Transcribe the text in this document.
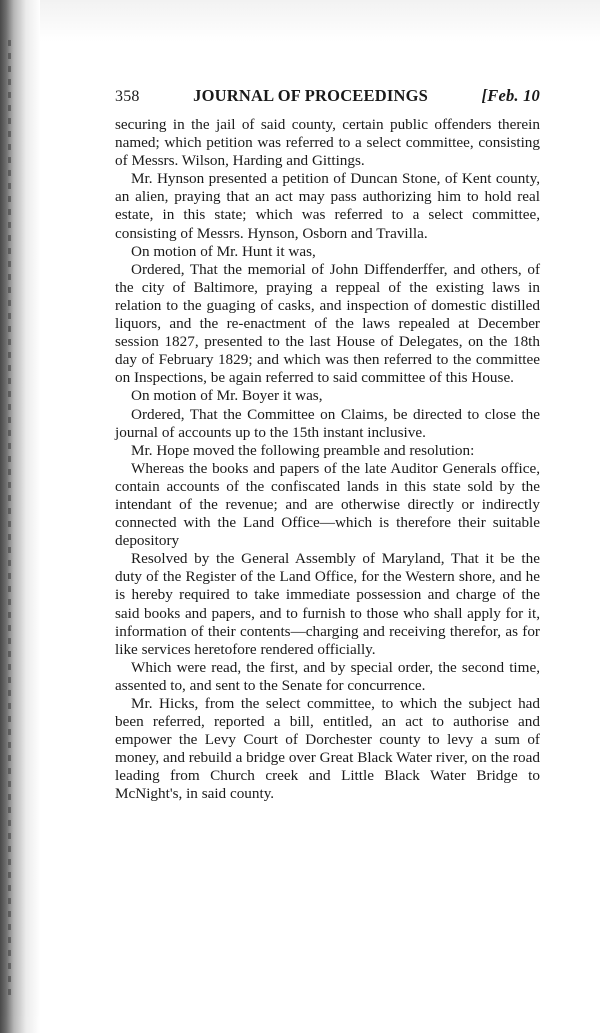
358	JOURNAL OF PROCEEDINGS	[Feb. 10

securing in the jail of said county, certain public offenders therein named; which petition was referred to a select committee, consisting of Messrs. Wilson, Harding and Gittings.

Mr. Hynson presented a petition of Duncan Stone, of Kent county, an alien, praying that an act may pass authorizing him to hold real estate, in this state; which was referred to a select committee, consisting of Messrs. Hynson, Osborn and Travilla.

On motion of Mr. Hunt it was,

Ordered, That the memorial of John Diffenderffer, and others, of the city of Baltimore, praying a reppeal of the existing laws in relation to the guaging of casks, and inspection of domestic distilled liquors, and the re-enactment of the laws repealed at December session 1827, presented to the last House of Delegates, on the 18th day of February 1829; and which was then referred to the committee on Inspections, be again referred to said committee of this House.

On motion of Mr. Boyer it was,

Ordered, That the Committee on Claims, be directed to close the journal of accounts up to the 15th instant inclusive.

Mr. Hope moved the following preamble and resolution:

Whereas the books and papers of the late Auditor Generals office, contain accounts of the confiscated lands in this state sold by the intendant of the revenue; and are otherwise directly or indirectly connected with the Land Office—which is therefore their suitable depository

Resolved by the General Assembly of Maryland, That it be the duty of the Register of the Land Office, for the Western shore, and he is hereby required to take immediate possession and charge of the said books and papers, and to furnish to those who shall apply for it, information of their contents—charging and receiving therefor, as for like services heretofore rendered officially.

Which were read, the first, and by special order, the second time, assented to, and sent to the Senate for concurrence.

Mr. Hicks, from the select committee, to which the subject had been referred, reported a bill, entitled, an act to authorise and empower the Levy Court of Dorchester county to levy a sum of money, and rebuild a bridge over Great Black Water river, on the road leading from Church creek and Little Black Water Bridge to McNight's, in said county.
